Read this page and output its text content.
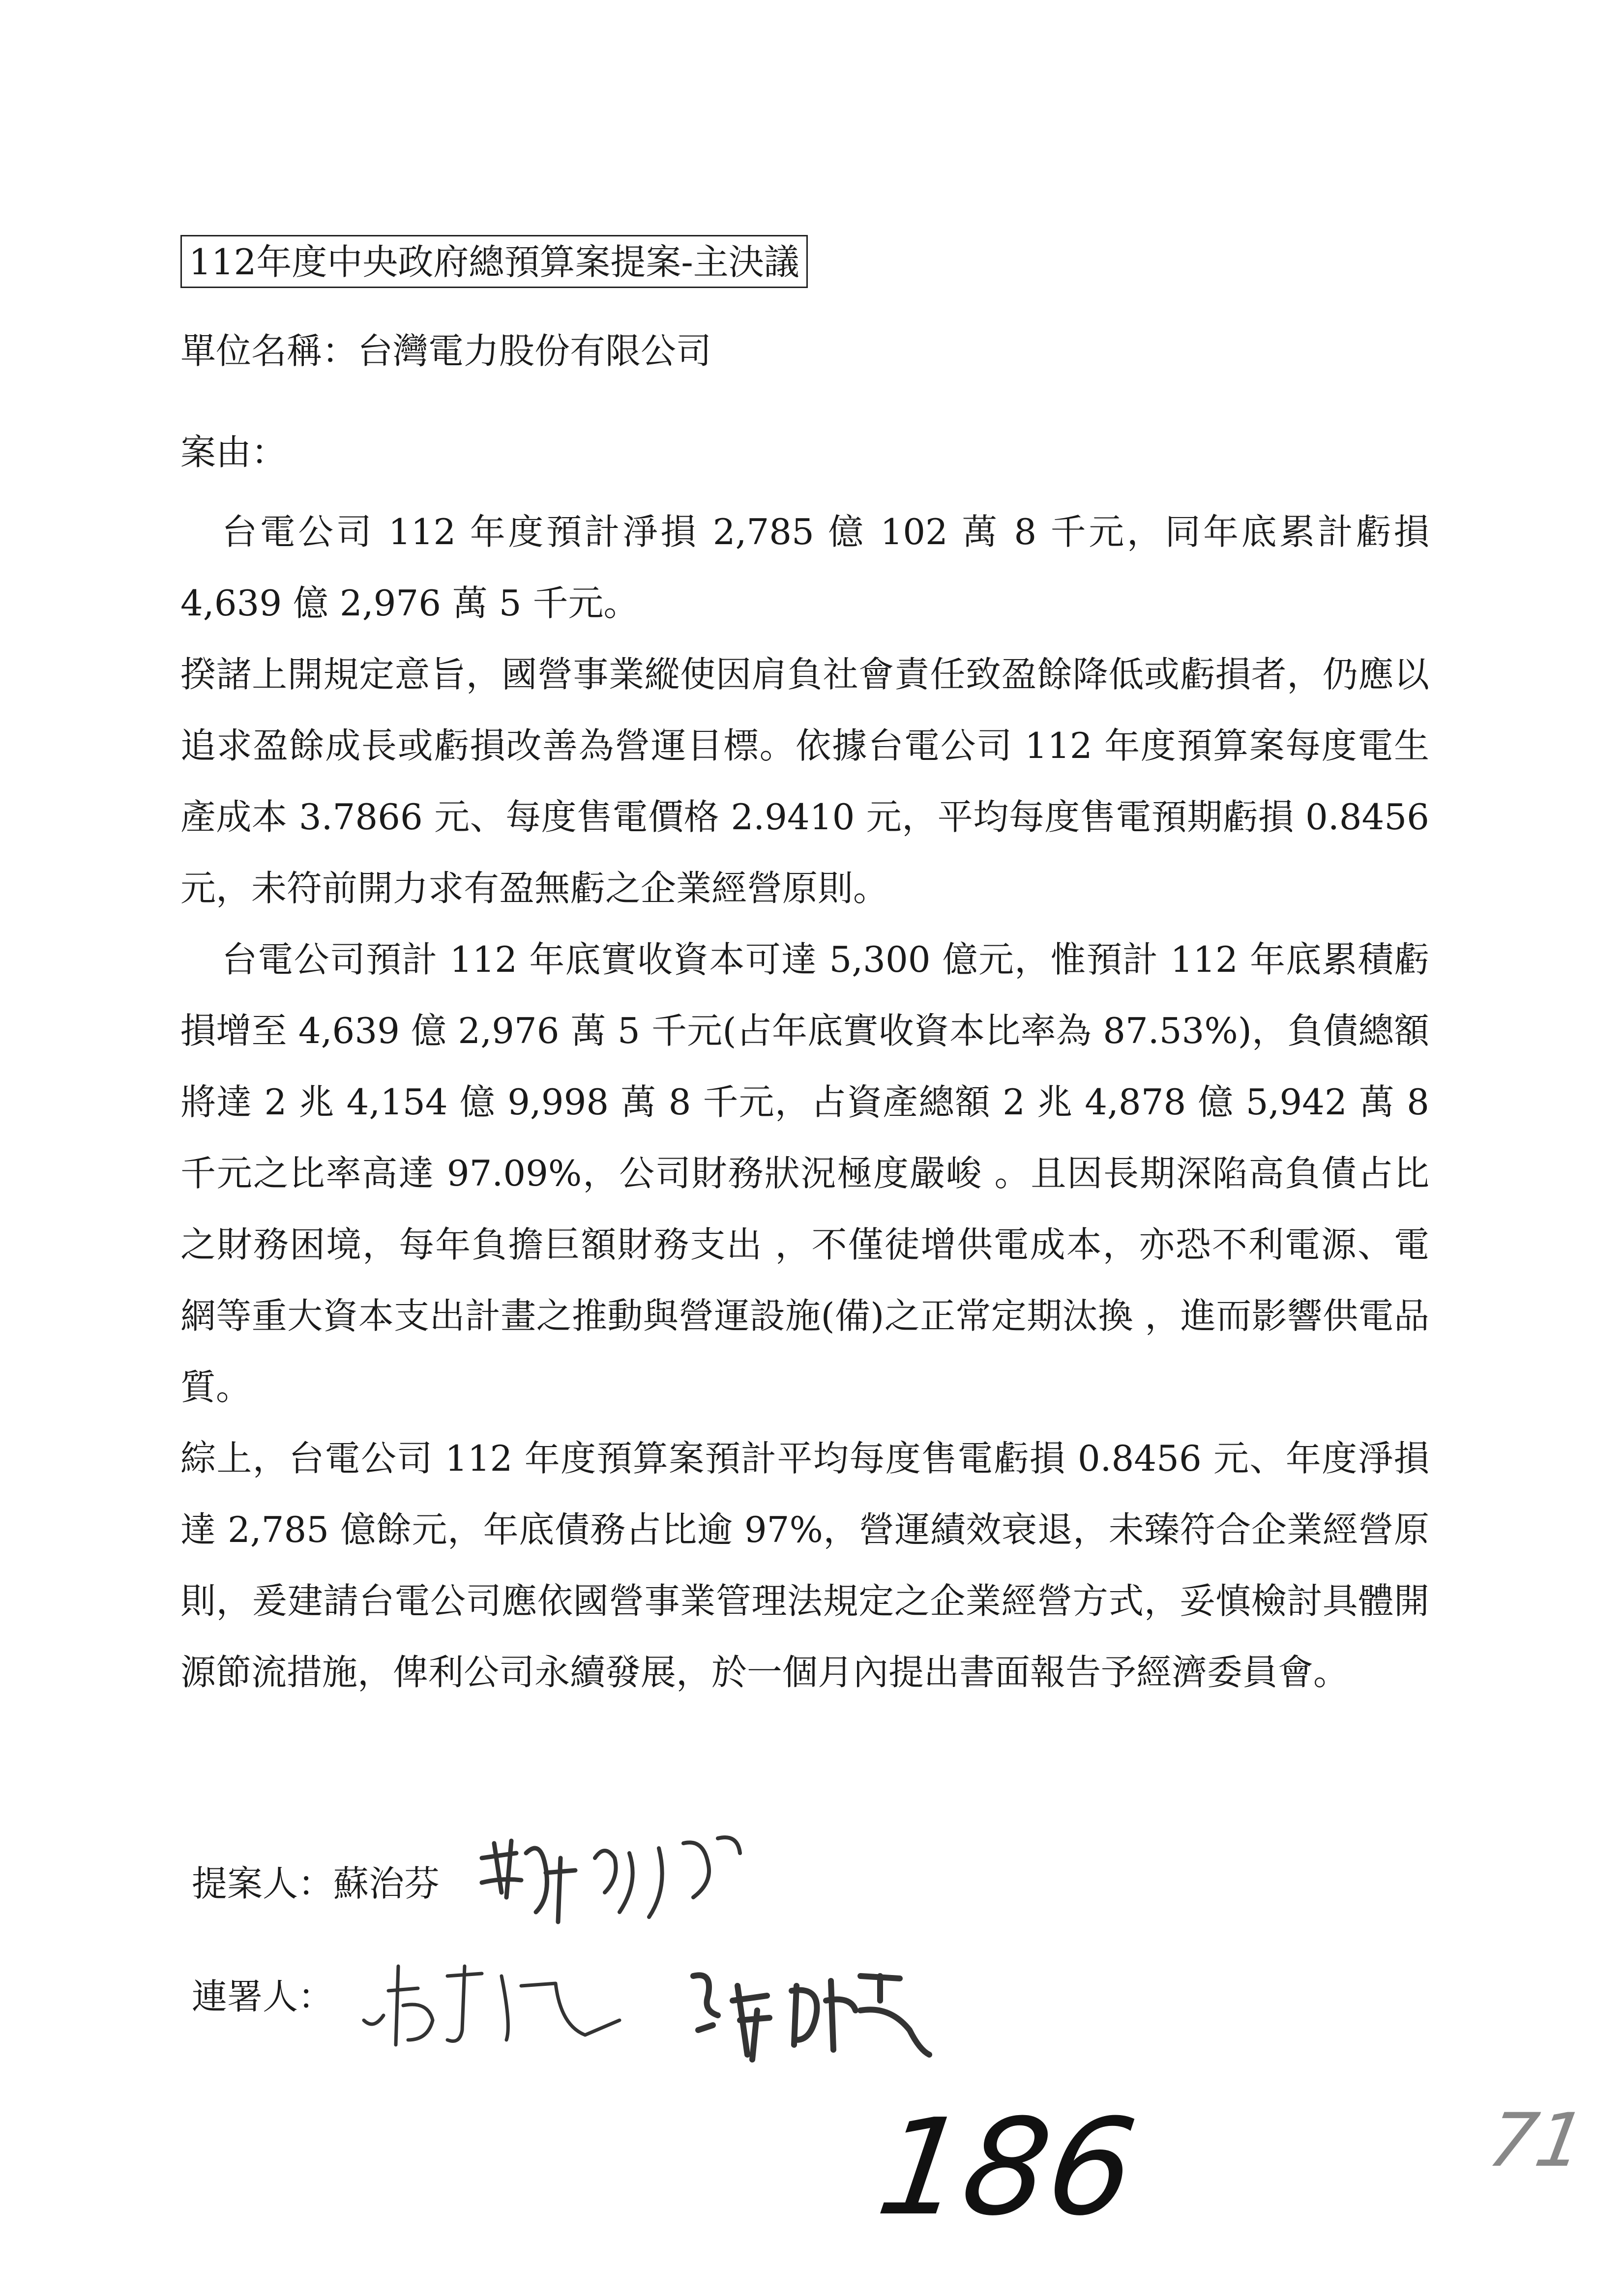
112年度中央政府總預算案提案-主決議
單位名稱：台灣電力股份有限公司
案由：

台電公司 112 年度預計淨損 2,785 億 102 萬 8 千元，同年底累計虧損 4,639 億 2,976 萬 5 千元。

揆諸上開規定意旨，國營事業縱使因肩負社會責任致盈餘降低或虧損者，仍應以追求盈餘成長或虧損改善為營運目標。依據台電公司 112 年度預算案每度電生產成本 3.7866 元、每度售電價格 2.9410 元，平均每度售電預期虧損 0.8456 元，未符前開力求有盈無虧之企業經營原則。

台電公司預計 112 年底實收資本可達 5,300 億元，惟預計 112 年底累積虧損增至 4,639 億 2,976 萬 5 千元(占年底實收資本比率為 87.53%)，負債總額將達 2 兆 4,154 億 9,998 萬 8 千元，占資產總額 2 兆 4,878 億 5,942 萬 8 千元之比率高達 97.09%，公司財務狀況極度嚴峻 。且因長期深陷高負債占比之財務困境，每年負擔巨額財務支出 ，不僅徒增供電成本，亦恐不利電源、電網等重大資本支出計畫之推動與營運設施(備)之正常定期汰換 ，進而影響供電品質。

綜上，台電公司 112 年度預算案預計平均每度售電虧損 0.8456 元、年度淨損達 2,785 億餘元，年底債務占比逾 97%，營運績效衰退，未臻符合企業經營原則，爰建請台電公司應依國營事業管理法規定之企業經營方式，妥慎檢討具體開源節流措施，俾利公司永續發展，於一個月內提出書面報告予經濟委員會。

提案人：蘇治芬
連署人：
186	71
